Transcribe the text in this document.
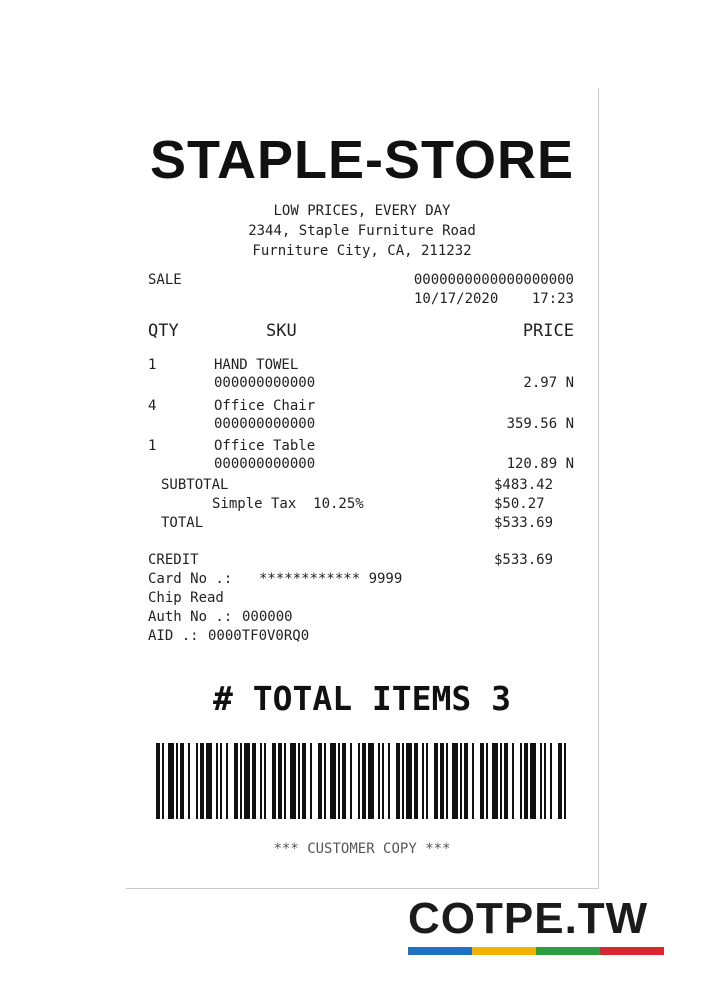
STAPLE-STORE
LOW PRICES, EVERY DAY
2344, Staple Furniture Road
Furniture City, CA, 211232
SALE	0000000000000000000
10/17/2020 17:23
QTY	SKU	PRICE
1	HAND TOWEL
000000000000	2.97 N
4	Office Chair
000000000000	359.56 N
1	Office Table
000000000000	120.89 N
SUBTOTAL	$483.42
Simple Tax  10.25%	$50.27
TOTAL	$533.69
CREDIT	$533.69
Card No .: ************ 9999
Chip Read
Auth No .: 000000
AID .: 0000TF0V0RQ0
# TOTAL ITEMS 3
*** CUSTOMER COPY ***
COTPE.TW
